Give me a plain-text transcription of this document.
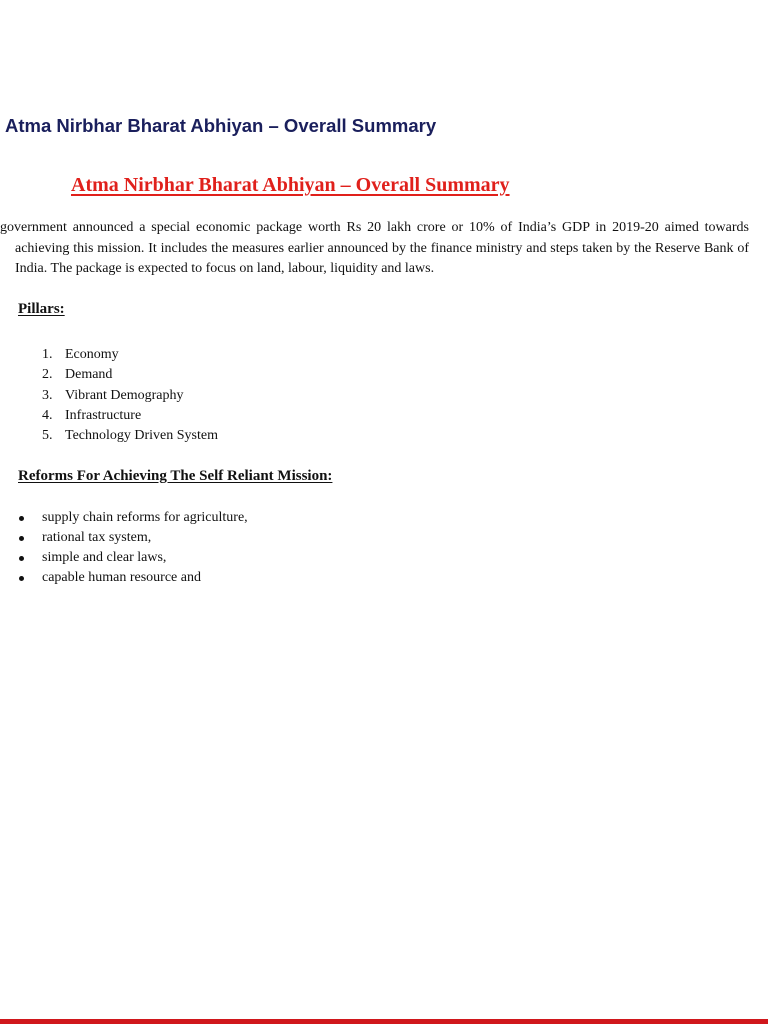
Atma Nirbhar Bharat Abhiyan – Overall Summary
Atma Nirbhar Bharat Abhiyan – Overall Summary

government announced a special economic package worth Rs 20 lakh crore or 10% of India’s GDP in 2019-20 aimed towards achieving this mission. It includes the measures earlier announced by the finance ministry and steps taken by the Reserve Bank of India. The package is expected to focus on land, labour, liquidity and laws.

Pillars:
1. Economy
2. Demand
3. Vibrant Demography
4. Infrastructure
5. Technology Driven System
Reforms For Achieving The Self Reliant Mission:
supply chain reforms for agriculture,
rational tax system,
simple and clear laws,
capable human resource and
